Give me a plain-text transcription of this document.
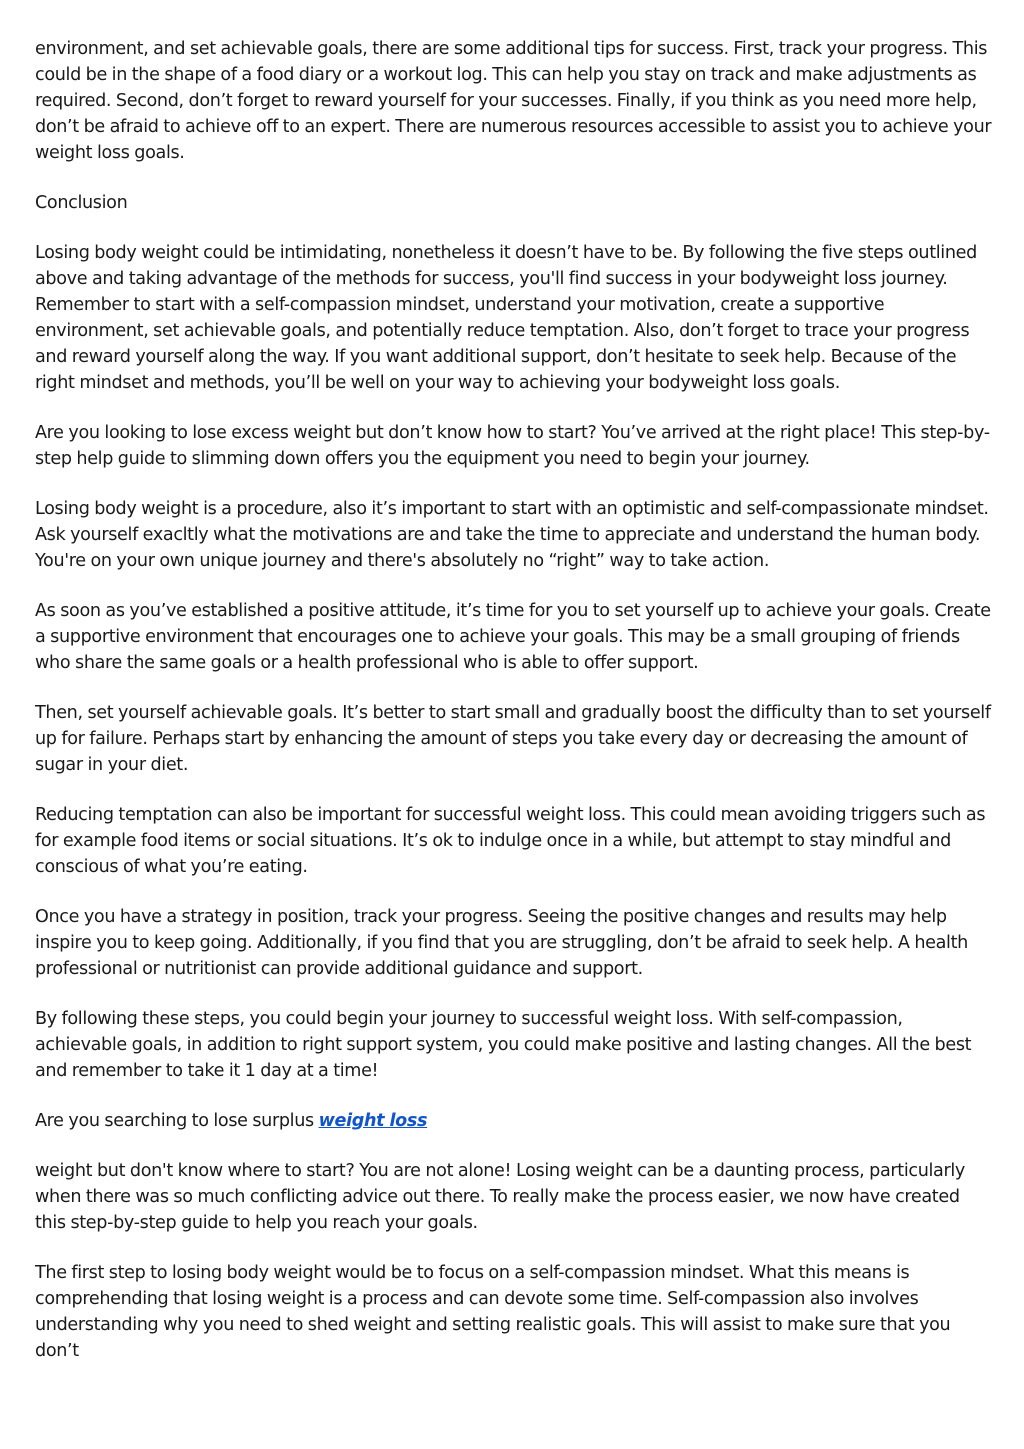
environment, and set achievable goals, there are some additional tips for success. First, track your progress. This could be in the shape of a food diary or a workout log. This can help you stay on track and make adjustments as required. Second, don’t forget to reward yourself for your successes. Finally, if you think as you need more help, don’t be afraid to achieve off to an expert. There are numerous resources accessible to assist you to achieve your weight loss goals.

Conclusion

Losing body weight could be intimidating, nonetheless it doesn’t have to be. By following the five steps outlined above and taking advantage of the methods for success, you'll find success in your bodyweight loss journey. Remember to start with a self-compassion mindset, understand your motivation, create a supportive environment, set achievable goals, and potentially reduce temptation. Also, don’t forget to trace your progress and reward yourself along the way. If you want additional support, don’t hesitate to seek help. Because of the right mindset and methods, you’ll be well on your way to achieving your bodyweight loss goals.

Are you looking to lose excess weight but don’t know how to start? You’ve arrived at the right place! This step-by-step help guide to slimming down offers you the equipment you need to begin your journey.

Losing body weight is a procedure, also it’s important to start with an optimistic and self-compassionate mindset. Ask yourself exacltly what the motivations are and take the time to appreciate and understand the human body. You're on your own unique journey and there's absolutely no “right” way to take action.

As soon as you’ve established a positive attitude, it’s time for you to set yourself up to achieve your goals. Create a supportive environment that encourages one to achieve your goals. This may be a small grouping of friends who share the same goals or a health professional who is able to offer support.

Then, set yourself achievable goals. It’s better to start small and gradually boost the difficulty than to set yourself up for failure. Perhaps start by enhancing the amount of steps you take every day or decreasing the amount of sugar in your diet.

Reducing temptation can also be important for successful weight loss. This could mean avoiding triggers such as for example food items or social situations. It’s ok to indulge once in a while, but attempt to stay mindful and conscious of what you’re eating.

Once you have a strategy in position, track your progress. Seeing the positive changes and results may help inspire you to keep going. Additionally, if you find that you are struggling, don’t be afraid to seek help. A health professional or nutritionist can provide additional guidance and support.

By following these steps, you could begin your journey to successful weight loss. With self-compassion, achievable goals, in addition to right support system, you could make positive and lasting changes. All the best and remember to take it 1 day at a time!

Are you searching to lose surplus weight loss

weight but don't know where to start? You are not alone! Losing weight can be a daunting process, particularly when there was so much conflicting advice out there. To really make the process easier, we now have created this step-by-step guide to help you reach your goals.

The first step to losing body weight would be to focus on a self-compassion mindset. What this means is comprehending that losing weight is a process and can devote some time. Self-compassion also involves understanding why you need to shed weight and setting realistic goals. This will assist to make sure that you don’t
